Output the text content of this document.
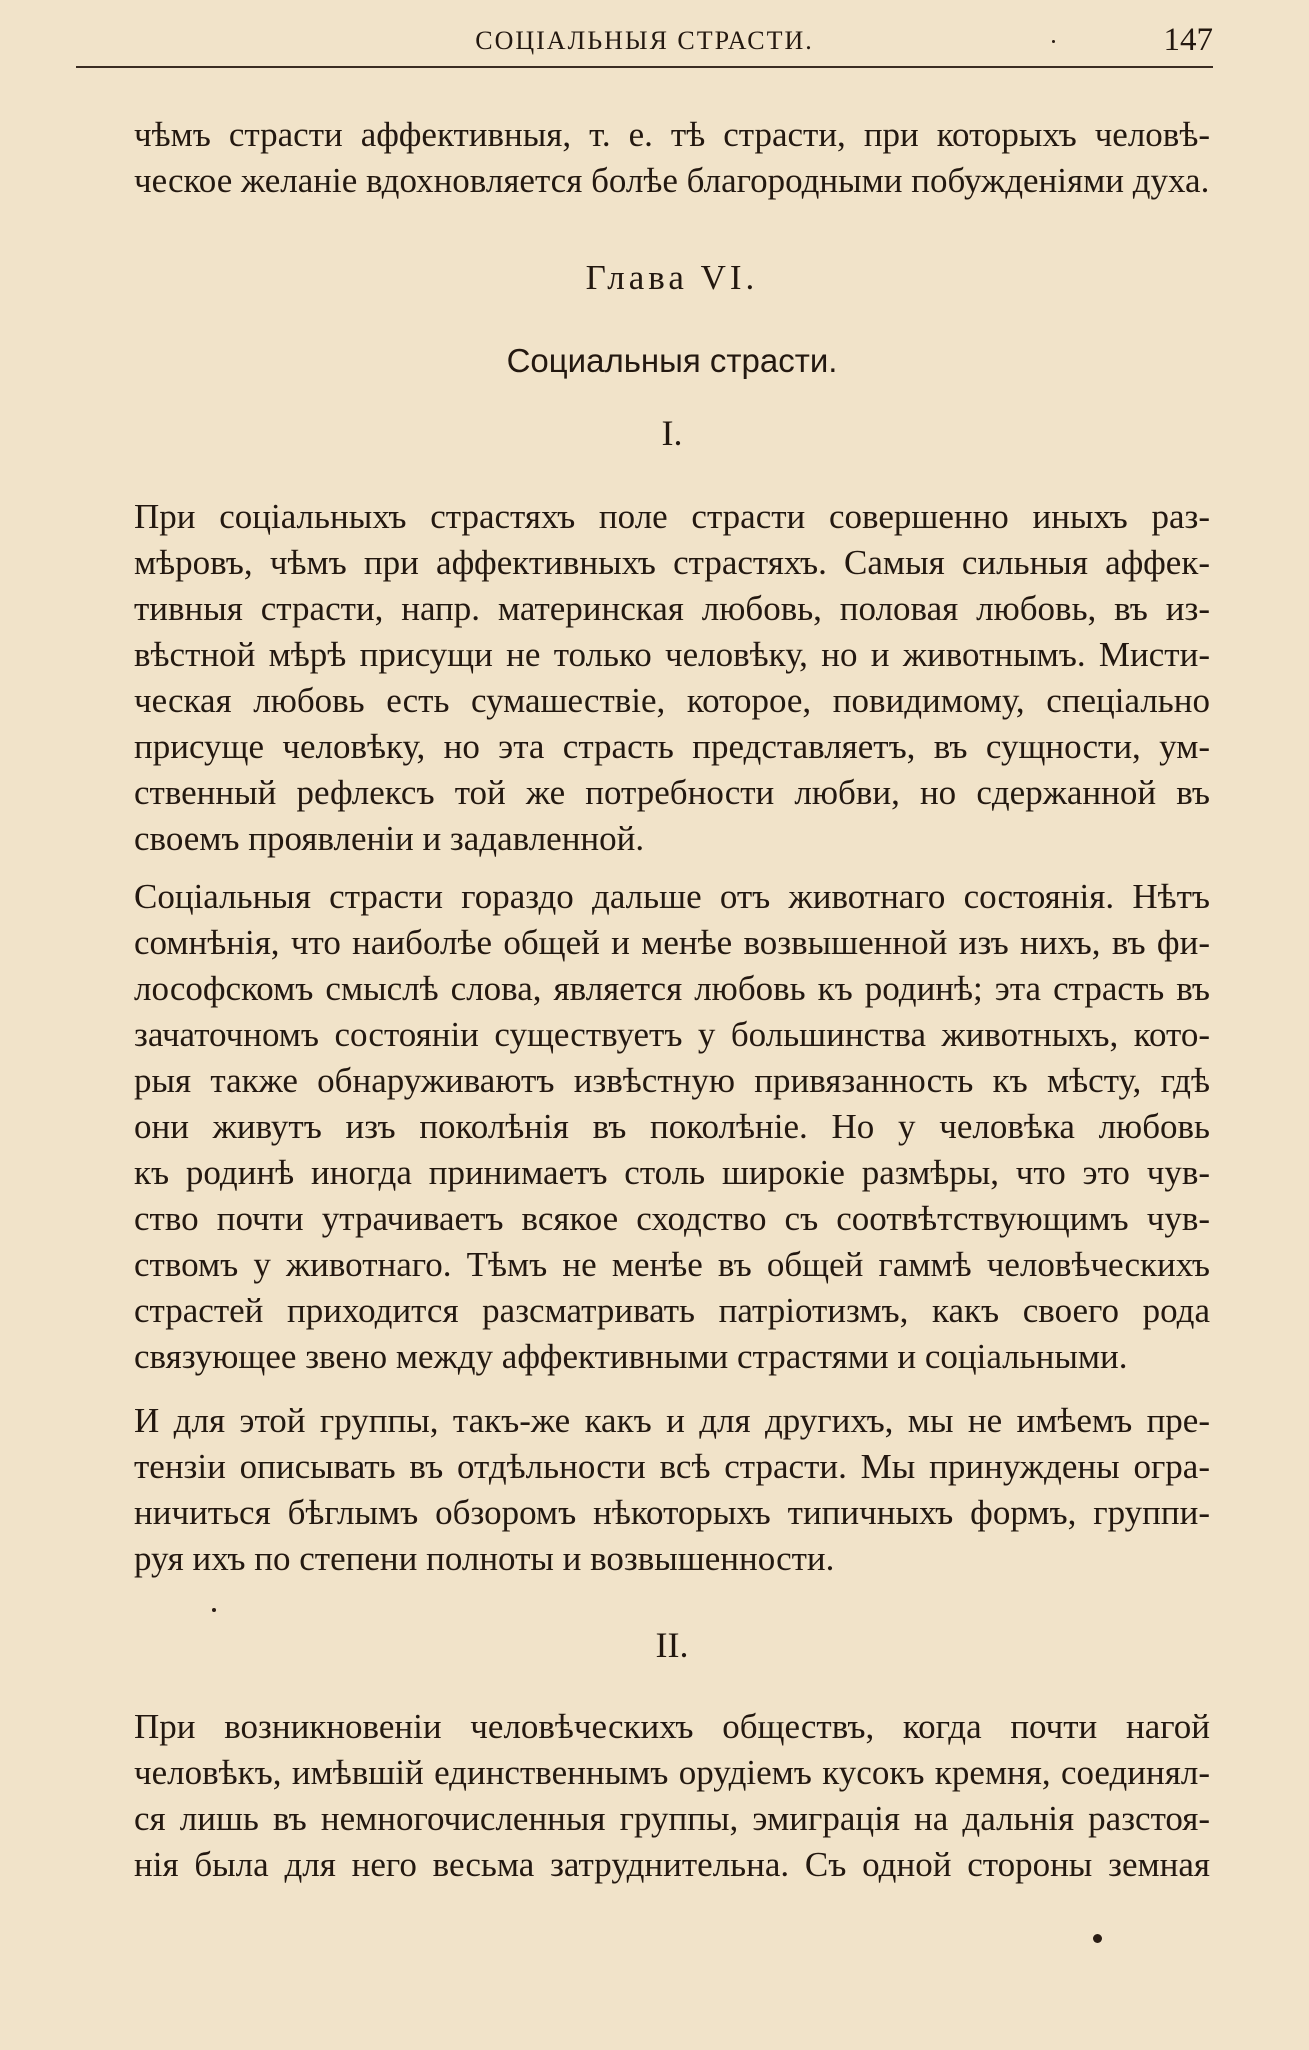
СОЦІАЛЬНЫЯ СТРАСТИ.	147
чѣмъ страсти аффективныя, т. е. тѣ страсти, при которыхъ человѣ-
ческое желаніе вдохновляется болѣе благородными побужденіями духа.
Глава VI.
Социальныя страсти.
I.
При соціальныхъ страстяхъ поле страсти совершенно иныхъ раз-
мѣровъ, чѣмъ при аффективныхъ страстяхъ. Самыя сильныя аффек-
тивныя страсти, напр. материнская любовь, половая любовь, въ из-
вѣстной мѣрѣ присущи не только человѣку, но и животнымъ. Мисти-
ческая любовь есть сумашествіе, которое, повидимому, спеціально
присуще человѣку, но эта страсть представляетъ, въ сущности, ум-
ственный рефлексъ той же потребности любви, но сдержанной въ
своемъ проявленіи и задавленной.
Соціальныя страсти гораздо дальше отъ животнаго состоянія. Нѣтъ
сомнѣнія, что наиболѣе общей и менѣе возвышенной изъ нихъ, въ фи-
лософскомъ смыслѣ слова, является любовь къ родинѣ; эта страсть въ
зачаточномъ состояніи существуетъ у большинства животныхъ, кото-
рыя также обнаруживаютъ извѣстную привязанность къ мѣсту, гдѣ
они живутъ изъ поколѣнія въ поколѣніе. Но у человѣка любовь
къ родинѣ иногда принимаетъ столь широкіе размѣры, что это чув-
ство почти утрачиваетъ всякое сходство съ соотвѣтствующимъ чув-
ствомъ у животнаго. Тѣмъ не менѣе въ общей гаммѣ человѣческихъ
страстей приходится разсматривать патріотизмъ, какъ своего рода
связующее звено между аффективными страстями и соціальными.
И для этой группы, такъ-же какъ и для другихъ, мы не имѣемъ пре-
тензіи описывать въ отдѣльности всѣ страсти. Мы принуждены огра-
ничиться бѣглымъ обзоромъ нѣкоторыхъ типичныхъ формъ, группи-
руя ихъ по степени полноты и возвышенности.
II.
При возникновеніи человѣческихъ обществъ, когда почти нагой
человѣкъ, имѣвшій единственнымъ орудіемъ кусокъ кремня, соединял-
ся лишь въ немногочисленныя группы, эмиграція на дальнія разстоя-
нія была для него весьма затруднительна. Съ одной стороны земная
